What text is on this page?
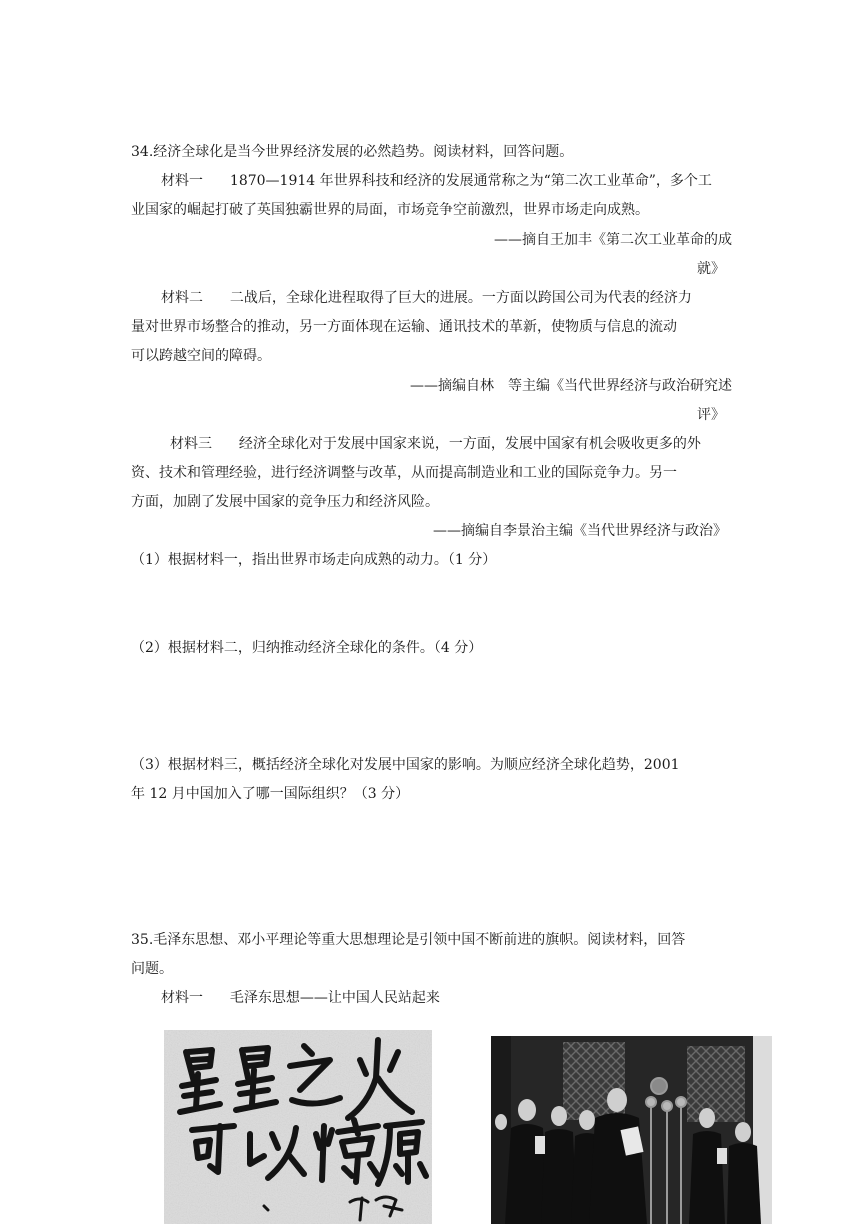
34.经济全球化是当今世界经济发展的必然趋势。阅读材料，回答问题。
材料一 1870—1914 年世界科技和经济的发展通常称之为“第二次工业革命”，多个工
业国家的崛起打破了英国独霸世界的局面，市场竞争空前激烈，世界市场走向成熟。
——摘自王加丰《第二次工业革命的成
就》
材料二 二战后，全球化进程取得了巨大的进展。一方面以跨国公司为代表的经济力
量对世界市场整合的推动，另一方面体现在运输、通讯技术的革新，使物质与信息的流动
可以跨越空间的障碍。
——摘编自林　等主编《当代世界经济与政治研究述
评》
材料三 经济全球化对于发展中国家来说，一方面，发展中国家有机会吸收更多的外
资、技术和管理经验，进行经济调整与改革，从而提高制造业和工业的国际竞争力。另一
方面，加剧了发展中国家的竞争压力和经济风险。
——摘编自李景治主编《当代世界经济与政治》
（1）根据材料一，指出世界市场走向成熟的动力。（1 分）
（2）根据材料二，归纳推动经济全球化的条件。（4 分）
（3）根据材料三，概括经济全球化对发展中国家的影响。为顺应经济全球化趋势，2001
年 12 月中国加入了哪一国际组织？（3 分）
35.毛泽东思想、邓小平理论等重大思想理论是引领中国不断前进的旗帜。阅读材料，回答
问题。
材料一 毛泽东思想——让中国人民站起来
